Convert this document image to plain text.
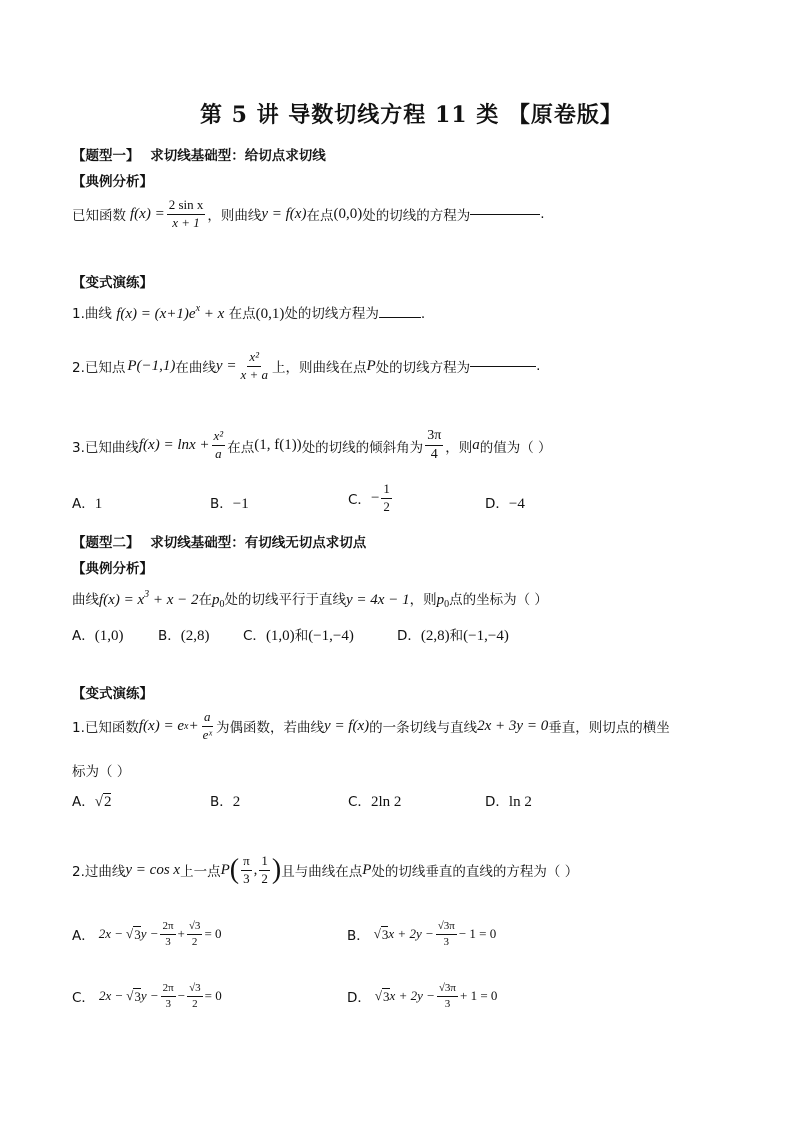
第 5 讲 导数切线方程 11 类 【原卷版】
【题型一】 求切线基础型：给切点求切线
【典例分析】
已知函数 $f(x) = \frac{\text{2 sin x}}{x + 1}$ ，则曲线 y = f(x) 在点 (0,0) 处的切线的方程为	.
【变式演练】
1.曲线 $f(x) = (x+1)e^x + x$ 在点(0,1)处的切线方程为	.
2.已知点 P(−1,1) 在曲线 $y = \frac{\text{x²}}{x + a}$ 上，则曲线在点 P 处的切线方程为	.
3.已知曲线 $f(x) = \ln x + \frac{\text{x²}}{a}$ 在点 (1, f(1)) 处的切线的倾斜角为 $\frac{3\pi}{4}$ ，则 a 的值为（ ）
A．1	B．−1	C． − $\frac{1}{2}$	D．−4
【题型二】 求切线基础型：有切线无切点求切点
【典例分析】
曲线$f(x) = x^3 + x - 2$在$p_0$处的切线平行于直线y = 4x − 1，则$p_0$点的坐标为（ ）
A．(1,0)	B．(2,8) C．(1,0)和(−1,−4)	D．(2,8)和(−1,−4)
【变式演练】
1.已知函数 f(x) = e $x + \frac{a}{\text{eˣ}}$ 为偶函数，若曲线 y = f(x) 的一条切线与直线 2x + 3y = 0 垂直，则切点的横坐
标为（ ）
A．√2	B．2	C．2ln 2	D．ln 2
2.过曲线 y = cos x 上一点 P ( $\frac{\pi}{3}$ , $\frac{1}{2}$ ) 且与曲线在点 P 处的切线垂直的直线的方程为（ ）
A． 2x − √ 3 $y - \frac{2\pi}{3} + \frac{√3}{2} = 0$	B． √ 3 $x + 2y - \frac{√3\pi}{3} - 1 = 0$
C． 2x − √ 3 $y - \frac{2\pi}{3} - \frac{√3}{2} = 0$	D． √ 3 $x + 2y - \frac{√3\pi}{3} + 1 = 0$
